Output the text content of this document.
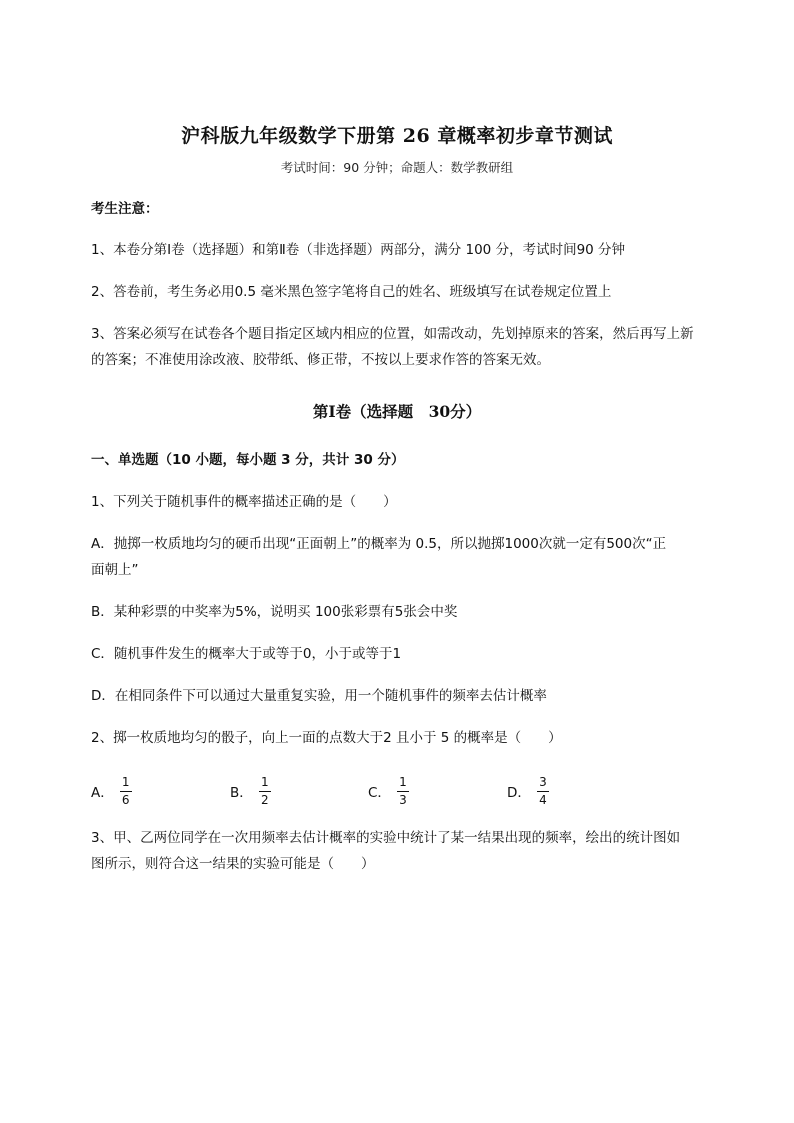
沪科版九年级数学下册第 26 章概率初步章节测试
考试时间：90 分钟；命题人：数学教研组
考生注意：
1、本卷分第Ⅰ卷（选择题）和第Ⅱ卷（非选择题）两部分，满分 100 分，考试时间90 分钟
2、答卷前，考生务必用0.5 毫米黑色签字笔将自己的姓名、班级填写在试卷规定位置上
3、答案必须写在试卷各个题目指定区域内相应的位置，如需改动，先划掉原来的答案，然后再写上新
的答案；不准使用涂改液、胶带纸、修正带，不按以上要求作答的答案无效。
第Ⅰ卷（选择题　30分）
一、单选题（10 小题，每小题 3 分，共计 30 分）
1、下列关于随机事件的概率描述正确的是（　　）
A．抛掷一枚质地均匀的硬币出现“正面朝上”的概率为 0.5，所以抛掷1000次就一定有500次“正
面朝上”
B．某种彩票的中奖率为5%，说明买 100张彩票有5张会中奖
C．随机事件发生的概率大于或等于0，小于或等于1
D．在相同条件下可以通过大量重复实验，用一个随机事件的频率去估计概率
2、掷一枚质地均匀的骰子，向上一面的点数大于2 且小于 5 的概率是（　　）
A． $\frac{1}{6}$	B． $\frac{1}{2}$	C． $\frac{1}{3}$	D． $\frac{3}{4}$
3、甲、乙两位同学在一次用频率去估计概率的实验中统计了某一结果出现的频率，绘出的统计图如
图所示，则符合这一结果的实验可能是（　　）
